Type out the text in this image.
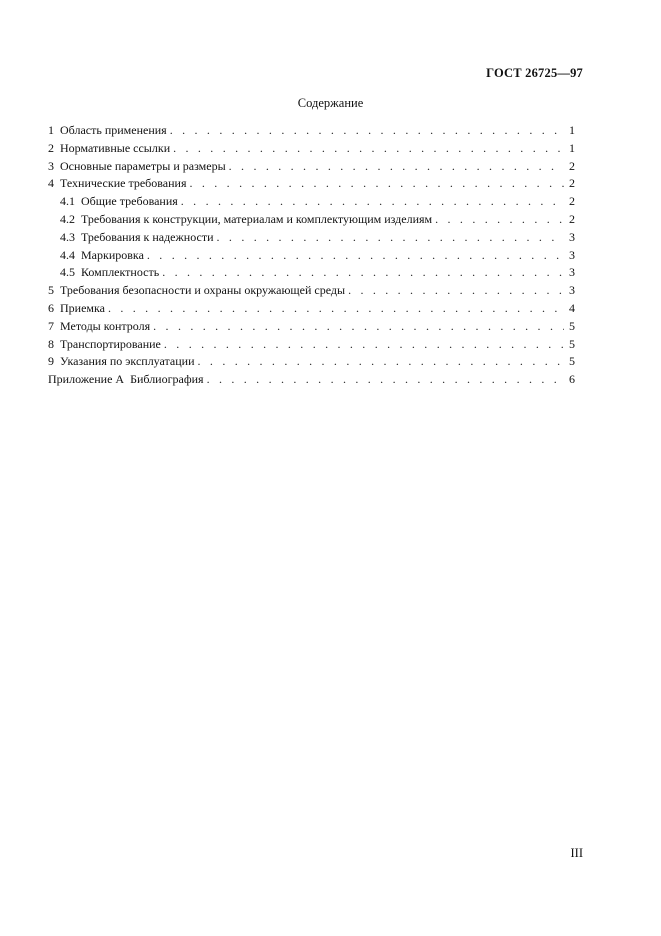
ГОСТ 26725—97
Содержание
1 Область применения . . .	1
2 Нормативные ссылки . . .	1
3 Основные параметры и размеры . . .	2
4 Технические требования . . .	2
4.1 Общие требования . . .	2
4.2 Требования к конструкции, материалам и комплектующим изделиям . . .	2
4.3 Требования к надежности . . .	3
4.4 Маркировка . . .	3
4.5 Комплектность . . .	3
5 Требования безопасности и охраны окружающей среды . . .	3
6 Приемка . . .	4
7 Методы контроля . . .	5
8 Транспортирование . . .	5
9 Указания по эксплуатации . . .	5
Приложение А Библиография . . .	6
III
